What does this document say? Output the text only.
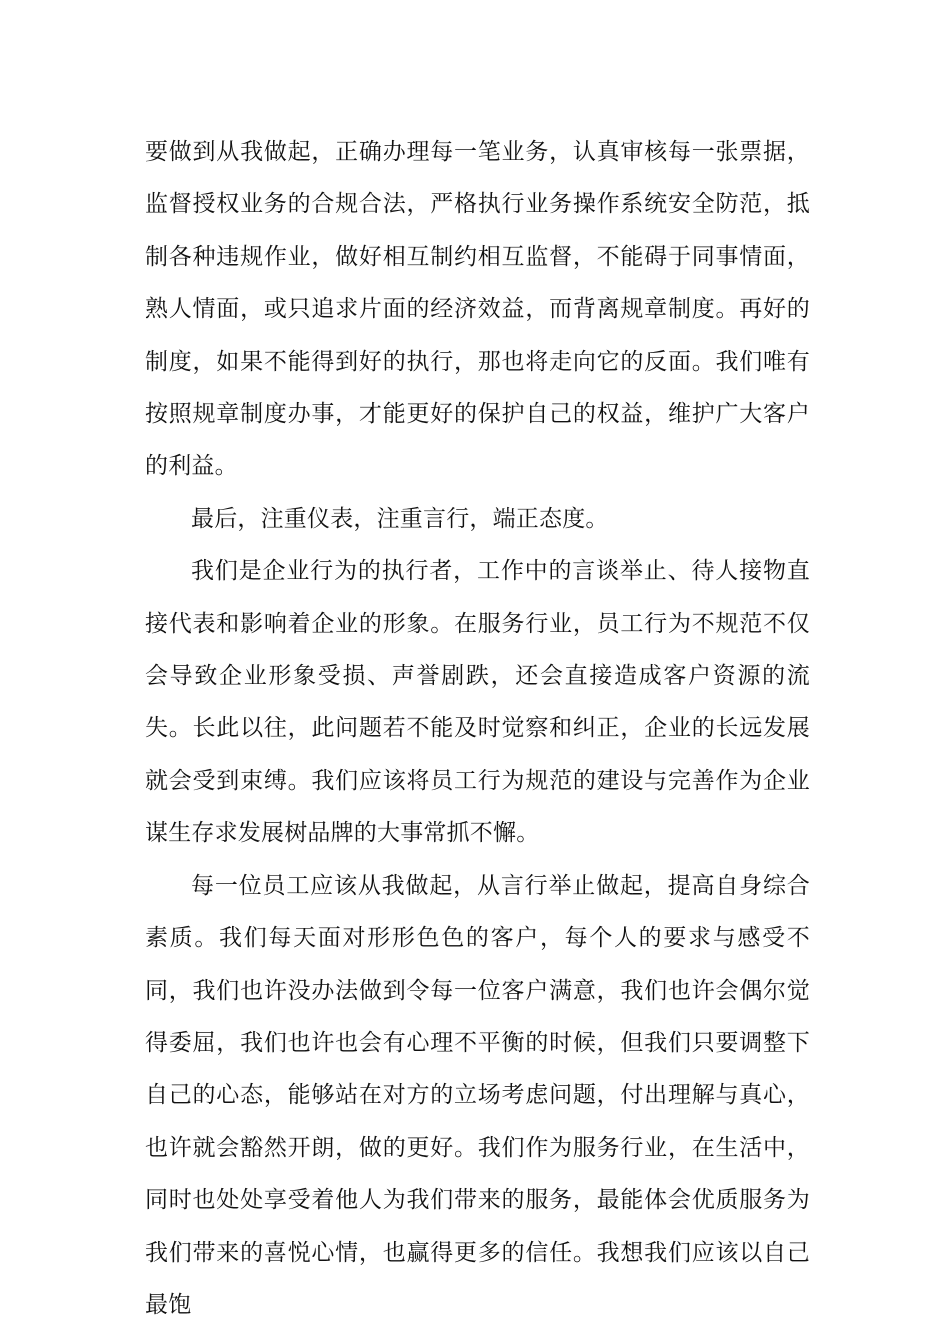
要做到从我做起，正确办理每一笔业务，认真审核每一张票据，监督授权业务的合规合法，严格执行业务操作系统安全防范，抵制各种违规作业，做好相互制约相互监督，不能碍于同事情面，熟人情面，或只追求片面的经济效益，而背离规章制度。再好的制度，如果不能得到好的执行，那也将走向它的反面。我们唯有按照规章制度办事，才能更好的保护自己的权益，维护广大客户的利益。

最后，注重仪表，注重言行，端正态度。

我们是企业行为的执行者，工作中的言谈举止、待人接物直接代表和影响着企业的形象。在服务行业，员工行为不规范不仅会导致企业形象受损、声誉剧跌，还会直接造成客户资源的流失。长此以往，此问题若不能及时觉察和纠正，企业的长远发展就会受到束缚。我们应该将员工行为规范的建设与完善作为企业谋生存求发展树品牌的大事常抓不懈。

每一位员工应该从我做起，从言行举止做起，提高自身综合素质。我们每天面对形形色色的客户，每个人的要求与感受不同，我们也许没办法做到令每一位客户满意，我们也许会偶尔觉得委屈，我们也许也会有心理不平衡的时候，但我们只要调整下自己的心态，能够站在对方的立场考虑问题，付出理解与真心，也许就会豁然开朗，做的更好。我们作为服务行业，在生活中，同时也处处享受着他人为我们带来的服务，最能体会优质服务为我们带来的喜悦心情，也赢得更多的信任。我想我们应该以自己最饱
